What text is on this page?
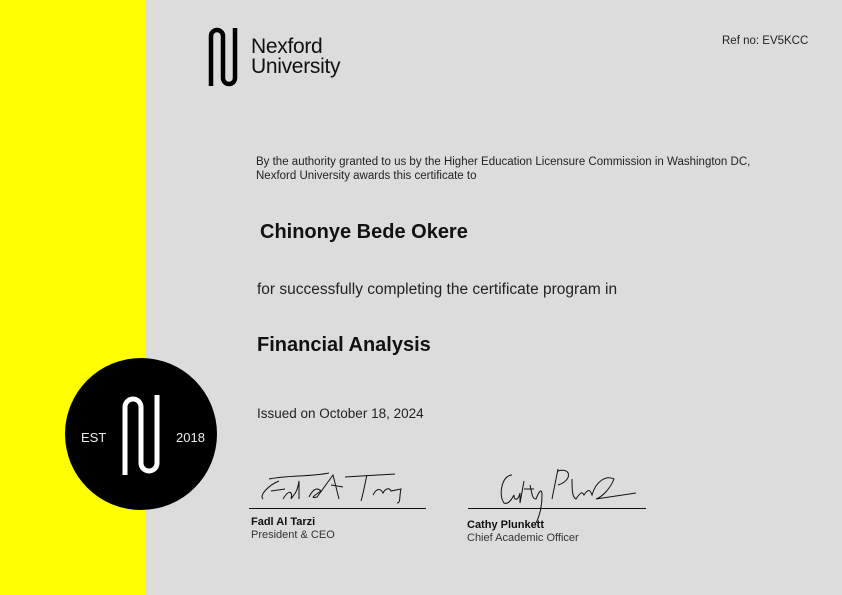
Nexford
University
Ref no: EV5KCC
By the authority granted to us by the Higher Education Licensure Commission in Washington DC,
Nexford University awards this certificate to
Chinonye Bede Okere
for successfully completing the certificate program in
Financial Analysis
Issued on October 18, 2024
EST	2018
Fadl Al Tarzi
President & CEO
Cathy Plunkett
Chief Academic Officer
